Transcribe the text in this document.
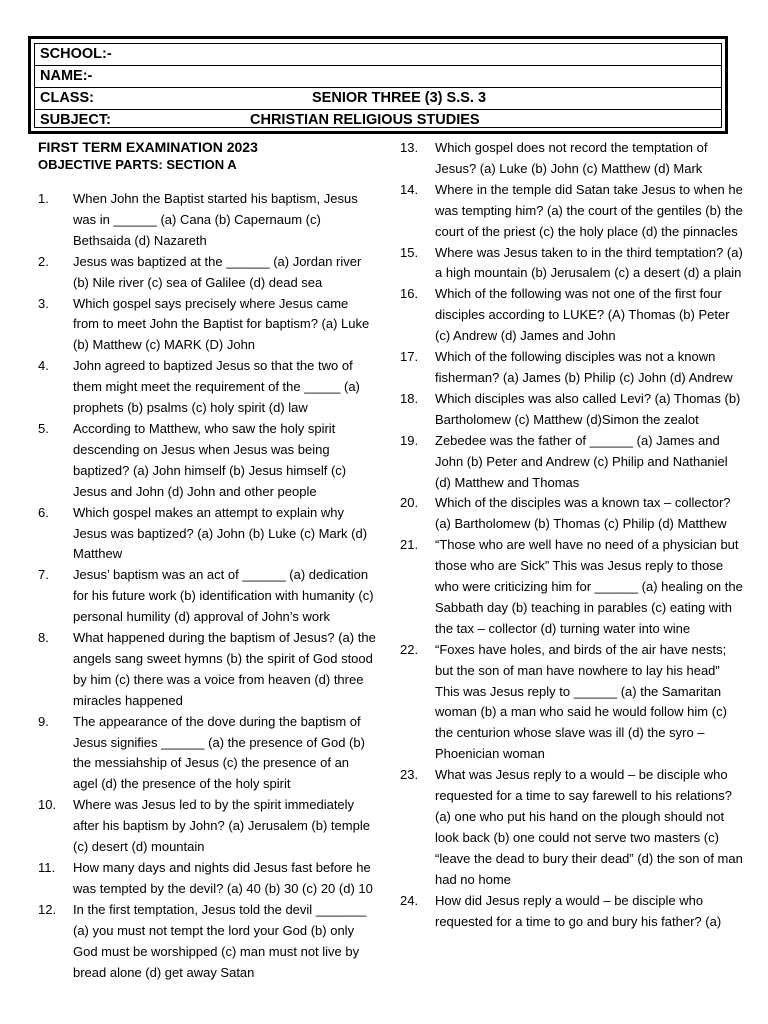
SCHOOL:-
NAME:-
CLASS:	SENIOR THREE (3) S.S. 3
SUBJECT:	CHRISTIAN RELIGIOUS STUDIES
FIRST TERM EXAMINATION 2023
OBJECTIVE PARTS: SECTION A
1. When John the Baptist started his baptism, Jesus was in ______ (a) Cana (b) Capernaum (c) Bethsaida (d) Nazareth
2. Jesus was baptized at the ______ (a) Jordan river (b) Nile river (c) sea of Galilee (d) dead sea
3. Which gospel says precisely where Jesus came from to meet John the Baptist for baptism? (a) Luke (b) Matthew (c) MARK (D) John
4. John agreed to baptized Jesus so that the two of them might meet the requirement of the _____ (a) prophets (b) psalms (c) holy spirit (d) law
5. According to Matthew, who saw the holy spirit descending on Jesus when Jesus was being baptized? (a) John himself (b) Jesus himself (c) Jesus and John (d) John and other people
6. Which gospel makes an attempt to explain why Jesus was baptized? (a) John (b) Luke (c) Mark (d) Matthew
7. Jesus’ baptism was an act of ______ (a) dedication for his future work (b) identification with humanity (c) personal humility (d) approval of John’s work
8. What happened during the baptism of Jesus? (a) the angels sang sweet hymns (b) the spirit of God stood by him (c) there was a voice from heaven (d) three miracles happened
9. The appearance of the dove during the baptism of Jesus signifies ______ (a) the presence of God (b) the messiahship of Jesus (c) the presence of an agel (d) the presence of the holy spirit
10. Where was Jesus led to by the spirit immediately after his baptism by John? (a) Jerusalem (b) temple (c) desert (d) mountain
11. How many days and nights did Jesus fast before he was tempted by the devil? (a) 40 (b) 30 (c) 20 (d) 10
12. In the first temptation, Jesus told the devil _______ (a) you must not tempt the lord your God (b) only God must be worshipped (c) man must not live by bread alone (d) get away Satan
13. Which gospel does not record the temptation of Jesus? (a) Luke (b) John (c) Matthew (d) Mark
14. Where in the temple did Satan take Jesus to when he was tempting him? (a) the court of the gentiles (b) the court of the priest (c) the holy place (d) the pinnacles
15. Where was Jesus taken to in the third temptation? (a) a high mountain (b) Jerusalem (c) a desert (d) a plain
16. Which of the following was not one of the first four disciples according to LUKE? (A) Thomas (b) Peter (c) Andrew (d) James and John
17. Which of the following disciples was not a known fisherman? (a) James (b) Philip (c) John (d) Andrew
18. Which disciples was also called Levi? (a) Thomas (b) Bartholomew (c) Matthew (d)Simon the zealot
19. Zebedee was the father of ______ (a) James and John (b) Peter and Andrew (c) Philip and Nathaniel (d) Matthew and Thomas
20. Which of the disciples was a known tax – collector? (a) Bartholomew (b) Thomas (c) Philip (d) Matthew
21. “Those who are well have no need of a physician but those who are Sick” This was Jesus reply to those who were criticizing him for ______ (a) healing on the Sabbath day (b) teaching in parables (c) eating with the tax – collector (d) turning water into wine
22. “Foxes have holes, and birds of the air have nests; but the son of man have nowhere to lay his head” This was Jesus reply to ______ (a) the Samaritan woman (b) a man who said he would follow him (c) the centurion whose slave was ill (d) the syro – Phoenician woman
23. What was Jesus reply to a would – be disciple who requested for a time to say farewell to his relations? (a) one who put his hand on the plough should not look back (b) one could not serve two masters (c) “leave the dead to bury their dead” (d) the son of man had no home
24. How did Jesus reply a would – be disciple who requested for a time to go and bury his father? (a)
